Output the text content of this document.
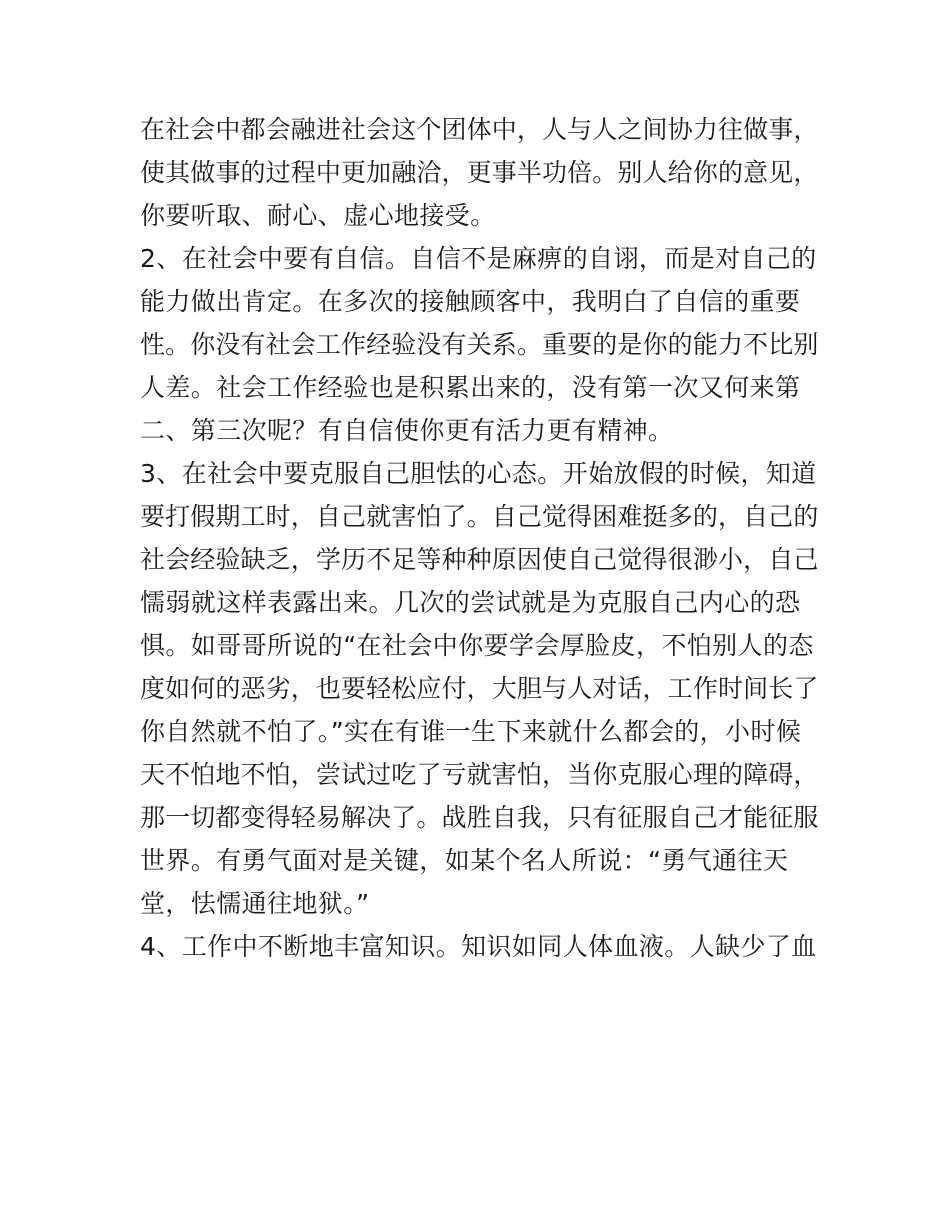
在社会中都会融进社会这个团体中，人与人之间协力往做事，
使其做事的过程中更加融洽，更事半功倍。别人给你的意见，
你要听取、耐心、虚心地接受。
2、在社会中要有自信。自信不是麻痹的自诩，而是对自己的
能力做出肯定。在多次的接触顾客中，我明白了自信的重要
性。你没有社会工作经验没有关系。重要的是你的能力不比别
人差。社会工作经验也是积累出来的，没有第一次又何来第
二、第三次呢？有自信使你更有活力更有精神。
3、在社会中要克服自己胆怯的心态。开始放假的时候，知道
要打假期工时，自己就害怕了。自己觉得困难挺多的，自己的
社会经验缺乏，学历不足等种种原因使自己觉得很渺小，自己
懦弱就这样表露出来。几次的尝试就是为克服自己内心的恐
惧。如哥哥所说的“在社会中你要学会厚脸皮，不怕别人的态
度如何的恶劣，也要轻松应付，大胆与人对话，工作时间长了
你自然就不怕了。”实在有谁一生下来就什么都会的，小时候
天不怕地不怕，尝试过吃了亏就害怕，当你克服心理的障碍，
那一切都变得轻易解决了。战胜自我，只有征服自己才能征服
世界。有勇气面对是关键，如某个名人所说：“勇气通往天
堂，怯懦通往地狱。”
4、工作中不断地丰富知识。知识如同人体血液。人缺少了血
